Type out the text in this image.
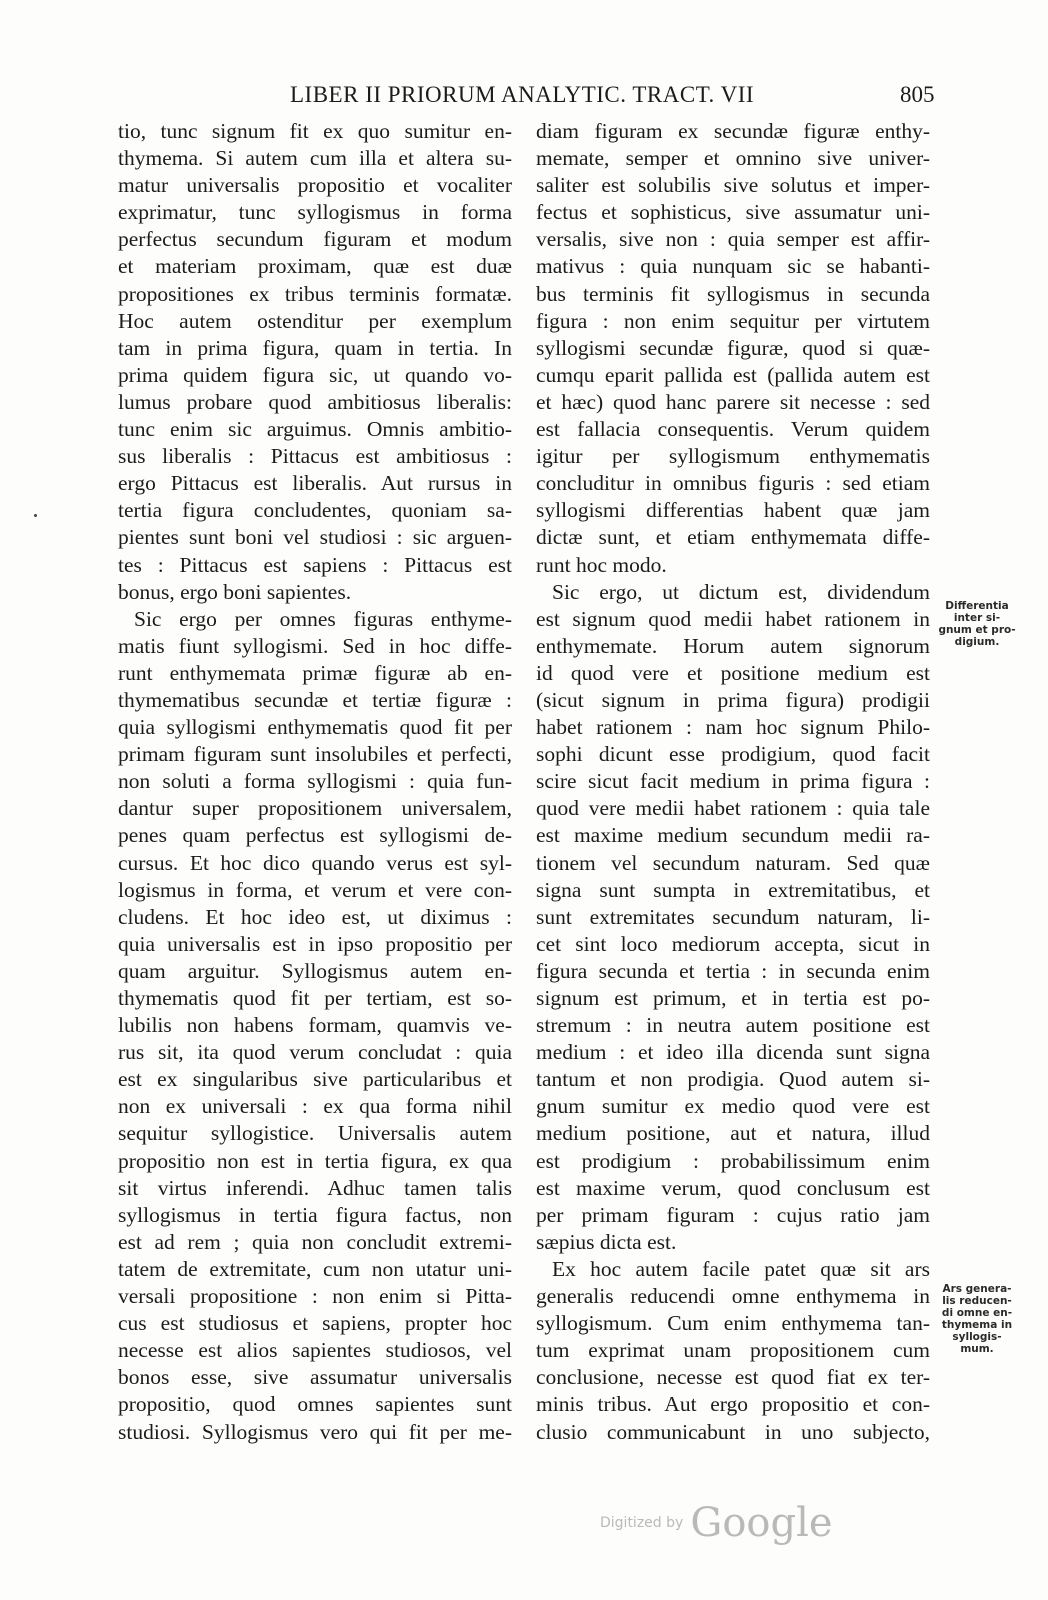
LIBER II PRIORUM ANALYTIC. TRACT. VII	805
tio, tunc signum fit ex quo sumitur en-
thymema. Si autem cum illa et altera su-
matur universalis propositio et vocaliter
exprimatur, tunc syllogismus in forma
perfectus secundum figuram et modum
et materiam proximam, quæ est duæ
propositiones ex tribus terminis formatæ.
Hoc autem ostenditur per exemplum
tam in prima figura, quam in tertia. In
prima quidem figura sic, ut quando vo-
lumus probare quod ambitiosus liberalis:
tunc enim sic arguimus. Omnis ambitio-
sus liberalis : Pittacus est ambitiosus :
ergo Pittacus est liberalis. Aut rursus in
tertia figura concludentes, quoniam sa-
pientes sunt boni vel studiosi : sic arguen-
tes : Pittacus est sapiens : Pittacus est
bonus, ergo boni sapientes.
Sic ergo per omnes figuras enthyme-
matis fiunt syllogismi. Sed in hoc diffe-
runt enthymemata primæ figuræ ab en-
thymematibus secundæ et tertiæ figuræ :
quia syllogismi enthymematis quod fit per
primam figuram sunt insolubiles et perfecti,
non soluti a forma syllogismi : quia fun-
dantur super propositionem universalem,
penes quam perfectus est syllogismi de-
cursus. Et hoc dico quando verus est syl-
logismus in forma, et verum et vere con-
cludens. Et hoc ideo est, ut diximus :
quia universalis est in ipso propositio per
quam arguitur. Syllogismus autem en-
thymematis quod fit per tertiam, est so-
lubilis non habens formam, quamvis ve-
rus sit, ita quod verum concludat : quia
est ex singularibus sive particularibus et
non ex universali : ex qua forma nihil
sequitur syllogistice. Universalis autem
propositio non est in tertia figura, ex qua
sit virtus inferendi. Adhuc tamen talis
syllogismus in tertia figura factus, non
est ad rem ; quia non concludit extremi-
tatem de extremitate, cum non utatur uni-
versali propositione : non enim si Pitta-
cus est studiosus et sapiens, propter hoc
necesse est alios sapientes studiosos, vel
bonos esse, sive assumatur universalis
propositio, quod omnes sapientes sunt
studiosi. Syllogismus vero qui fit per me-
diam figuram ex secundæ figuræ enthy-
memate, semper et omnino sive univer-
saliter est solubilis sive solutus et imper-
fectus et sophisticus, sive assumatur uni-
versalis, sive non : quia semper est affir-
mativus : quia nunquam sic se habanti-
bus terminis fit syllogismus in secunda
figura : non enim sequitur per virtutem
syllogismi secundæ figuræ, quod si quæ-
cumqu eparit pallida est (pallida autem est
et hæc) quod hanc parere sit necesse : sed
est fallacia consequentis. Verum quidem
igitur per syllogismum enthymematis
concluditur in omnibus figuris : sed etiam
syllogismi differentias habent quæ jam
dictæ sunt, et etiam enthymemata diffe-
runt hoc modo.
Sic ergo, ut dictum est, dividendum
est signum quod medii habet rationem in
enthymemate. Horum autem signorum
id quod vere et positione medium est
(sicut signum in prima figura) prodigii
habet rationem : nam hoc signum Philo-
sophi dicunt esse prodigium, quod facit
scire sicut facit medium in prima figura :
quod vere medii habet rationem : quia tale
est maxime medium secundum medii ra-
tionem vel secundum naturam. Sed quæ
signa sunt sumpta in extremitatibus, et
sunt extremitates secundum naturam, li-
cet sint loco mediorum accepta, sicut in
figura secunda et tertia : in secunda enim
signum est primum, et in tertia est po-
stremum : in neutra autem positione est
medium : et ideo illa dicenda sunt signa
tantum et non prodigia. Quod autem si-
gnum sumitur ex medio quod vere est
medium positione, aut et natura, illud
est prodigium : probabilissimum enim
est maxime verum, quod conclusum est
per primam figuram : cujus ratio jam
sæpius dicta est.
Ex hoc autem facile patet quæ sit ars
generalis reducendi omne enthymema in
syllogismum. Cum enim enthymema tan-
tum exprimat unam propositionem cum
conclusione, necesse est quod fiat ex ter-
minis tribus. Aut ergo propositio et con-
clusio communicabunt in uno subjecto,
Differentia
inter si-
gnum et pro-
digium.
Ars genera-
lis reducen-
di omne en-
thymema in
syllogis-
mum.
Digitized by Google
